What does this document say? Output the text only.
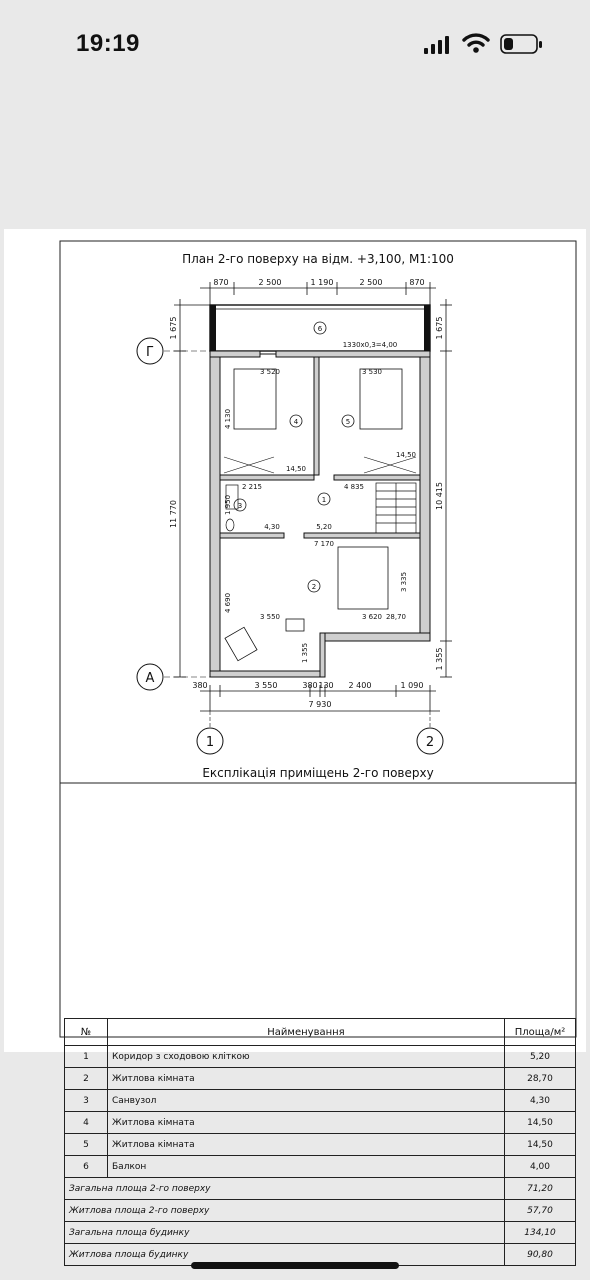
19:19
План 2-го поверху на відм. +3,100, М1:100
870	2 500	1 190	2 500	870
1 675
11 770
1 675
10 415
1 355
Г
А
6
1330х0,3=4,00
4	5
1
3
2
14,50
14,50
5,20
4,30
28,70
3 520	3 530
4 130
2 215
1 950
4 835
7 170
3 335
4 690
3 550	3 620
1 355
380	3 550	380 130 2 400	1 090
7 930
1	2
Експлікація приміщень 2-го поверху
№	Найменування	Площа/м²
1	Коридор з сходовою клiткою	5,20
2	Житлова кімната	28,70
3	Санвузол	4,30
4	Житлова кімната	14,50
5	Житлова кімната	14,50
6	Балкон	4,00
Загальна площа 2-го поверху		71,20
Житлова площа 2-го поверху		57,70
Загальна площа будинку		134,10
Житлова площа будинку		90,80
